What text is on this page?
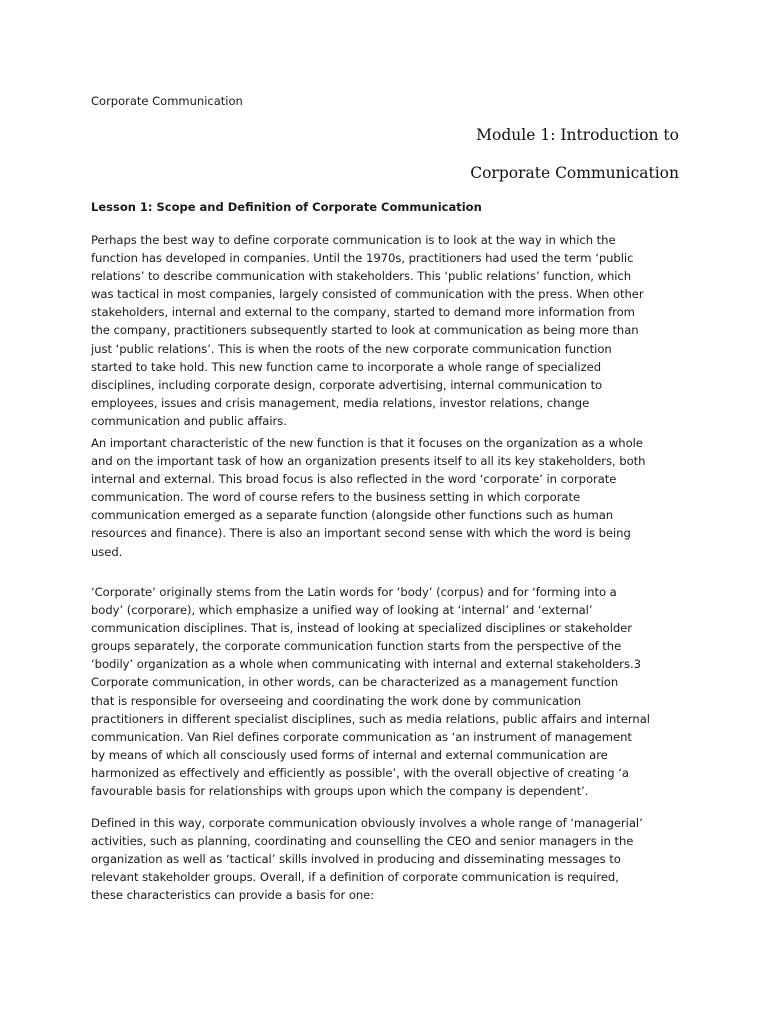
Corporate Communication
Module 1: Introduction to
Corporate Communication
Lesson 1: Scope and Definition of Corporate Communication
Perhaps the best way to define corporate communication is to look at the way in which the
function has developed in companies. Until the 1970s, practitioners had used the term ‘public
relations’ to describe communication with stakeholders. This ‘public relations’ function, which
was tactical in most companies, largely consisted of communication with the press. When other
stakeholders, internal and external to the company, started to demand more information from
the company, practitioners subsequently started to look at communication as being more than
just ‘public relations’. This is when the roots of the new corporate communication function
started to take hold. This new function came to incorporate a whole range of specialized
disciplines, including corporate design, corporate advertising, internal communication to
employees, issues and crisis management, media relations, investor relations, change
communication and public affairs.
An important characteristic of the new function is that it focuses on the organization as a whole
and on the important task of how an organization presents itself to all its key stakeholders, both
internal and external. This broad focus is also reflected in the word ‘corporate’ in corporate
communication. The word of course refers to the business setting in which corporate
communication emerged as a separate function (alongside other functions such as human
resources and finance). There is also an important second sense with which the word is being
used.
‘Corporate’ originally stems from the Latin words for ‘body’ (corpus) and for ‘forming into a
body’ (corporare), which emphasize a unified way of looking at ‘internal’ and ‘external’
communication disciplines. That is, instead of looking at specialized disciplines or stakeholder
groups separately, the corporate communication function starts from the perspective of the
‘bodily’ organization as a whole when communicating with internal and external stakeholders.3
Corporate communication, in other words, can be characterized as a management function
that is responsible for overseeing and coordinating the work done by communication
practitioners in different specialist disciplines, such as media relations, public affairs and internal
communication. Van Riel defines corporate communication as ‘an instrument of management
by means of which all consciously used forms of internal and external communication are
harmonized as effectively and efficiently as possible’, with the overall objective of creating ‘a
favourable basis for relationships with groups upon which the company is dependent’.
Defined in this way, corporate communication obviously involves a whole range of ‘managerial’
activities, such as planning, coordinating and counselling the CEO and senior managers in the
organization as well as ‘tactical’ skills involved in producing and disseminating messages to
relevant stakeholder groups. Overall, if a definition of corporate communication is required,
these characteristics can provide a basis for one:
